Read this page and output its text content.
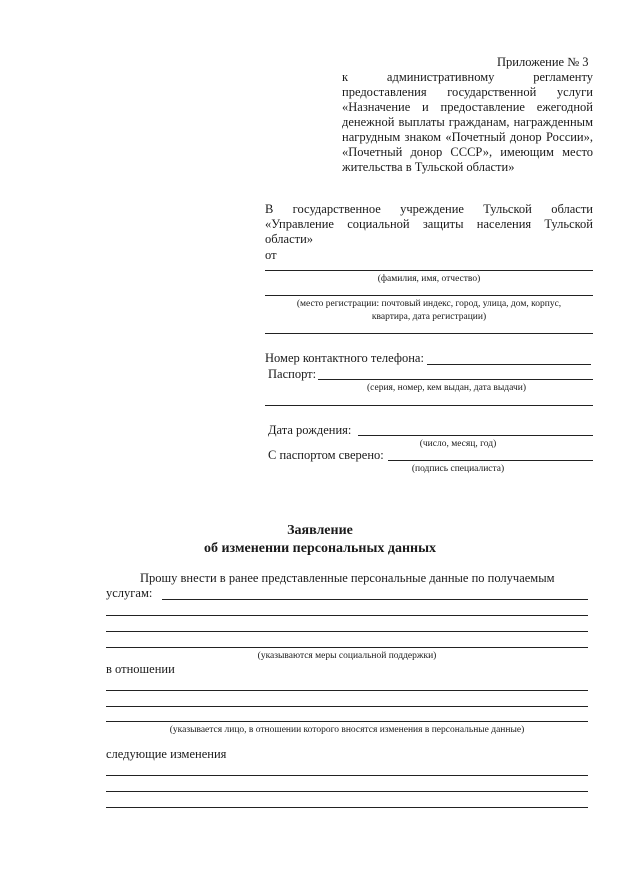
Приложение № 3
к административному регламенту
предоставления государственной услуги
«Назначение и предоставление ежегодной
денежной выплаты гражданам, награжденным
нагрудным знаком «Почетный донор России»,
«Почетный донор СССР», имеющим место
жительства в Тульской области»
В государственное учреждение Тульской области
«Управление социальной защиты населения Тульской
области»
от
(фамилия, имя, отчество)
(место регистрации: почтовый индекс, город, улица, дом, корпус,
квартира, дата регистрации)
Номер контактного телефона:
Паспорт:
(серия, номер, кем выдан, дата выдачи)
Дата рождения:
(число, месяц, год)
С паспортом сверено:
(подпись специалиста)
Заявление
об изменении персональных данных
Прошу внести в ранее представленные персональные данные по получаемым
услугам:
(указываются меры социальной поддержки)
в отношении
(указывается лицо, в отношении которого вносятся изменения в персональные данные)
следующие изменения
